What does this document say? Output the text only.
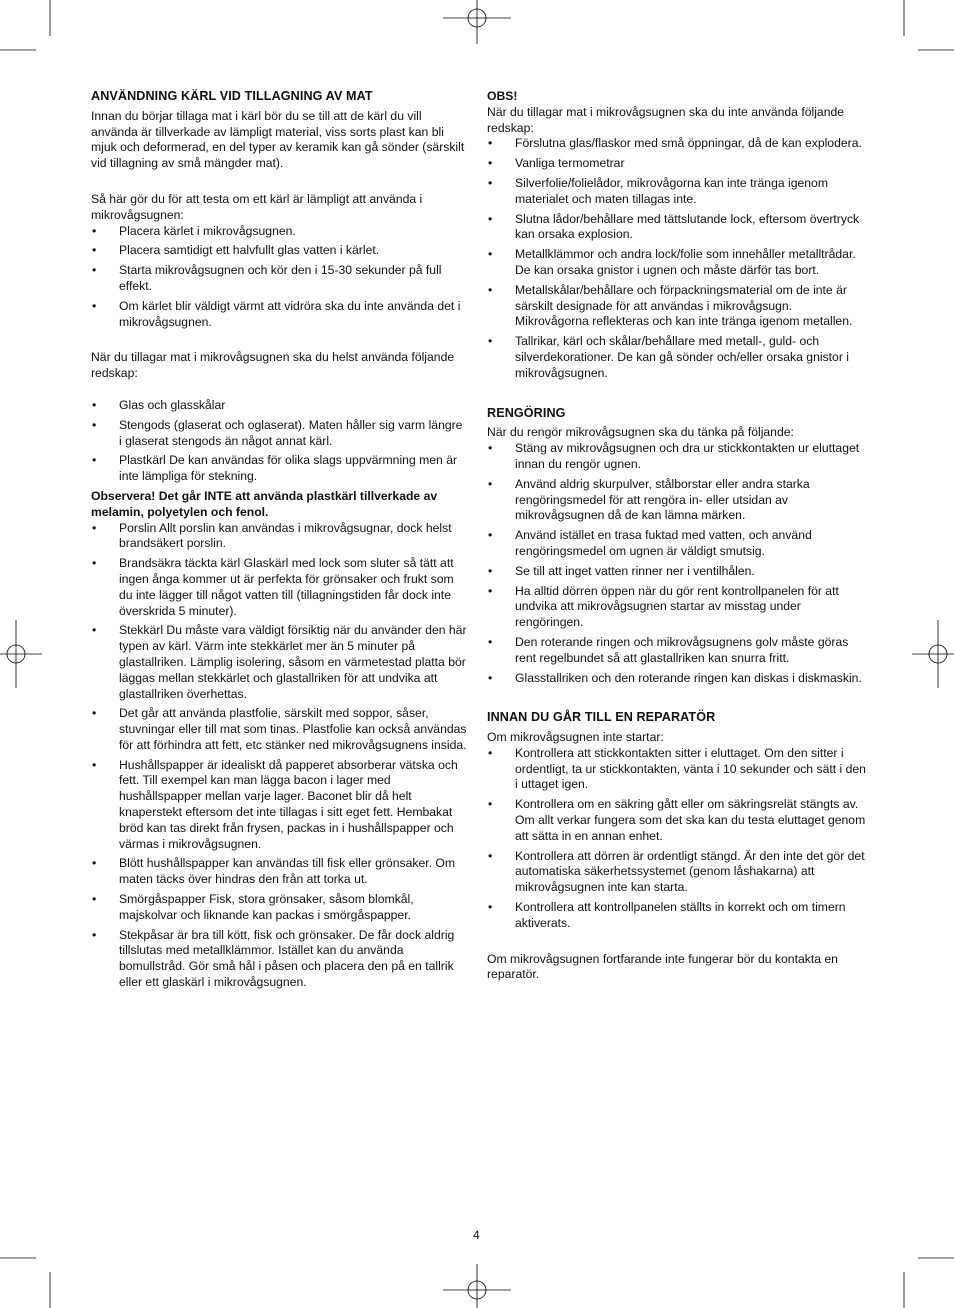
ANVÄNDNING KÄRL VID TILLAGNING AV MAT

Innan du börjar tillaga mat i kärl bör du se till att de kärl du vill använda är tillverkade av lämpligt material, viss sorts plast kan bli mjuk och deformerad, en del typer av keramik kan gå sönder (särskilt vid tillagning av små mängder mat).

Så här gör du för att testa om ett kärl är lämpligt att använda i mikrovågsugnen:

• Placera kärlet i mikrovågsugnen.
• Placera samtidigt ett halvfullt glas vatten i kärlet.
• Starta mikrovågsugnen och kör den i 15-30 sekunder på full effekt.
• Om kärlet blir väldigt värmt att vidröra ska du inte använda det i mikrovågsugnen.

När du tillagar mat i mikrovågsugnen ska du helst använda följande redskap:

• Glas och glasskålar
• Stengods (glaserat och oglaserat). Maten håller sig varm längre i glaserat stengods än något annat kärl.
• Plastkärl De kan användas för olika slags uppvärmning men är inte lämpliga för stekning.

Observera! Det går INTE att använda plastkärl tillverkade av melamin, polyetylen och fenol.

• Porslin Allt porslin kan användas i mikrovågsugnar, dock helst brandsäkert porslin.
• Brandsäkra täckta kärl Glaskärl med lock som sluter så tätt att ingen ånga kommer ut är perfekta för grönsaker och frukt som du inte lägger till något vatten till (tillagningstiden får dock inte överskrida 5 minuter).
• Stekkärl Du måste vara väldigt försiktig när du använder den här typen av kärl. Värm inte stekkärlet mer än 5 minuter på glastallriken. Lämplig isolering, såsom en värmetestad platta bör läggas mellan stekkärlet och glastallriken för att undvika att glastallriken överhettas.
• Det går att använda plastfolie, särskilt med soppor, såser, stuvningar eller till mat som tinas. Plastfolie kan också användas för att förhindra att fett, etc stänker ned mikrovågsugnens insida.
• Hushållspapper är idealiskt då papperet absorberar vätska och fett. Till exempel kan man lägga bacon i lager med hushållspapper mellan varje lager. Baconet blir då helt knaperstekt eftersom det inte tillagas i sitt eget fett. Hembakat bröd kan tas direkt från frysen, packas in i hushållspapper och värmas i mikrovågsugnen.
• Blött hushållspapper kan användas till fisk eller grönsaker. Om maten täcks över hindras den från att torka ut.
• Smörgåspapper Fisk, stora grönsaker, såsom blomkål, majskolvar och liknande kan packas i smörgåspapper.
• Stekpåsar är bra till kött, fisk och grönsaker. De får dock aldrig tillslutas med metallklämmor. Istället kan du använda bomullstråd. Gör små hål i påsen och placera den på en tallrik eller ett glaskärl i mikrovågsugnen.

OBS!

När du tillagar mat i mikrovågsugnen ska du inte använda följande redskap:

• Förslutna glas/flaskor med små öppningar, då de kan explodera.
• Vanliga termometrar
• Silverfolie/folielådor, mikrovågorna kan inte tränga igenom materialet och maten tillagas inte.
• Slutna lådor/behållare med tättslutande lock, eftersom övertryck kan orsaka explosion.
• Metallklämmor och andra lock/folie som innehåller metalltrådar. De kan orsaka gnistor i ugnen och måste därför tas bort.
• Metallskålar/behållare och förpackningsmaterial om de inte är särskilt designade för att användas i mikrovågsugn. Mikrovågorna reflekteras och kan inte tränga igenom metallen.
• Tallrikar, kärl och skålar/behållare med metall-, guld- och silverdekorationer. De kan gå sönder och/eller orsaka gnistor i mikrovågsugnen.
RENGÖRING

När du rengör mikrovågsugnen ska du tänka på följande:

• Stäng av mikrovågsugnen och dra ur stickkontakten ur eluttaget innan du rengör ugnen.
• Använd aldrig skurpulver, stålborstar eller andra starka rengöringsmedel för att rengöra in- eller utsidan av mikrovågsugnen då de kan lämna märken.
• Använd istället en trasa fuktad med vatten, och använd rengöringsmedel om ugnen är väldigt smutsig.
• Se till att inget vatten rinner ner i ventilhålen.
• Ha alltid dörren öppen när du gör rent kontrollpanelen för att undvika att mikrovågsugnen startar av misstag under rengöringen.
• Den roterande ringen och mikrovågsugnens golv måste göras rent regelbundet så att glastallriken kan snurra fritt.
• Glasstallriken och den roterande ringen kan diskas i diskmaskin.
INNAN DU GÅR TILL EN REPARATÖR

Om mikrovågsugnen inte startar:

• Kontrollera att stickkontakten sitter i eluttaget. Om den sitter i ordentligt, ta ur stickkontakten, vänta i 10 sekunder och sätt i den i uttaget igen.
• Kontrollera om en säkring gått eller om säkringsrelät stängts av. Om allt verkar fungera som det ska kan du testa eluttaget genom att sätta in en annan enhet.
• Kontrollera att dörren är ordentligt stängd. Är den inte det gör det automatiska säkerhetssystemet (genom låshakarna) att mikrovågsugnen inte kan starta.
• Kontrollera att kontrollpanelen ställts in korrekt och om timern aktiverats.

Om mikrovågsugnen fortfarande inte fungerar bör du kontakta en reparatör.

4
